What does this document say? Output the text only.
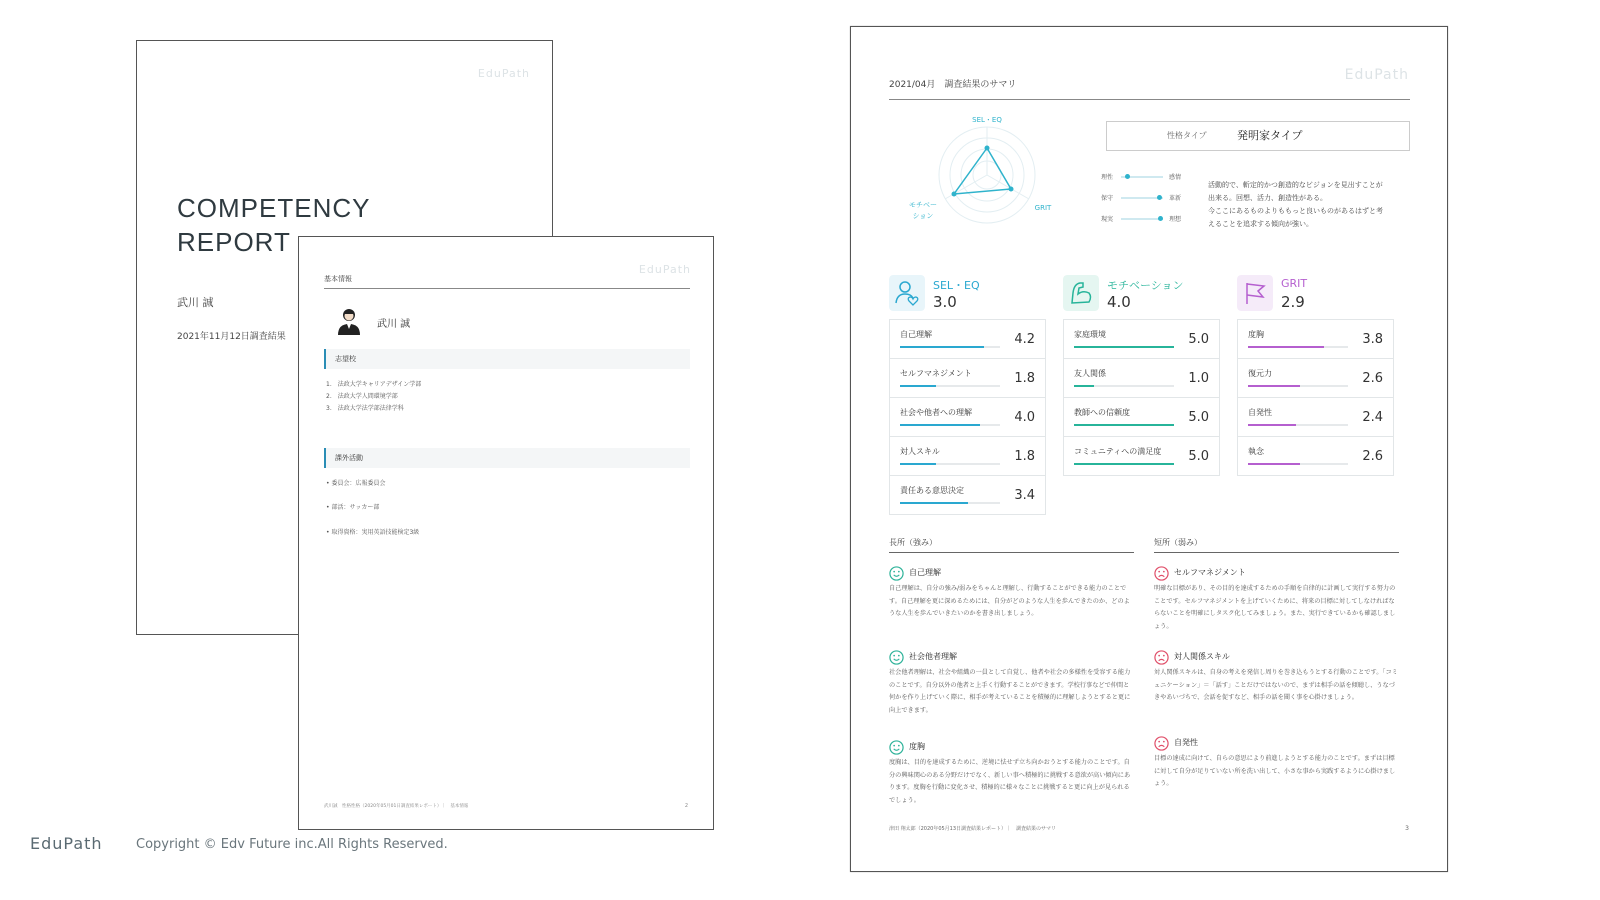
EduPath
COMPETENCY
REPORT
武川 誠
2021年11月12日調査結果
EduPath
基本情報
武川 誠
志望校
1.　法政大学キャリアデザイン学部
2.　法政大学人間環境学部
3.　法政大学法学部法律学科
課外活動
• 委員会：広報委員会
• 部活：サッカー部
• 取得資格：実用英語技能検定3級
武川誠　性格性格（2020年05月01日調査結果レポート）｜　基本情報	2
EduPath
2021/04月　調査結果のサマリ
SEL・EQ
モチベー
ション
GRIT
性格タイプ	発明家タイプ
理性	感情
保守	革新
現実	理想
活動的で、斬定的かつ創造的なビジョンを見出すことが
出来る。回想、活力、創造性がある。
今ここにあるものよりももっと良いものがあるはずと考
えることを追求する傾向が強い。
SEL・EQ
3.0
モチベーション
4.0
GRIT
2.9
自己理解	4.2
セルフマネジメント	1.8
社会や他者への理解	4.0
対人スキル	1.8
責任ある意思決定	3.4
家庭環境	5.0
友人関係	1.0
教師への信頼度	5.0
コミュニティへの満足度 5.0
度胸	3.8
復元力	2.6
自発性	2.4
執念	2.6
長所（強み）	短所（弱み）
自己理解
自己理解は、自分の強み/弱みをちゃんと理解し、行動することができる能力のことです。自己理解を更に深めるためには、自分がどのような人生を歩んできたのか、どのような人生を歩んでいきたいのかを書き出しましょう。
社会他者理解
社会他者理解は、社会や組織の一員として自覚し、他者や社会の多様性を受容する能力のことです。自分以外の他者と上手く行動することができます。学校行事などで仲間と何かを作り上げていく際に、相手が考えていることを積極的に理解しようとすると更に向上できます。
度胸
度胸は、目的を達成するために、逆境に怯せず立ち向かおうとする能力のことです。自分の興味関心のある分野だけでなく、新しい事へ積極的に挑戦する意欲が高い傾向にあります。度胸を行動に変化させ、積極的に様々なことに挑戦すると更に向上が見られるでしょう。
セルフマネジメント
明確な目標があり、その目的を達成するための手順を自律的に計画して実行する努力のことです。セルフマネジメントを上げていくために、将来の目標に対してしなければならないことを明確にしタスク化してみましょう。また、実行できているかも確認しましょう。
対人関係スキル
対人関係スキルは、自身の考えを発信し周りを巻き込もうとする行動のことです。「コミュニケーション」＝「話す」ことだけではないので、まずは相手の話を傾聴し、うなづきやあいづちで、会話を促すなど、相手の話を聞く事を心掛けましょう。
自発性
目標の達成に向けて、自らの意思により前進しようとする能力のことです。まずは目標に対して自分が足りていない所を洗い出して、小さな事から実践するように心掛けましょう。
津田 翔太郎（2020年05月13日調査結果レポート）｜　調査結果のサマリ	3
EduPath	Copyright © Edv Future inc.All Rights Reserved.
